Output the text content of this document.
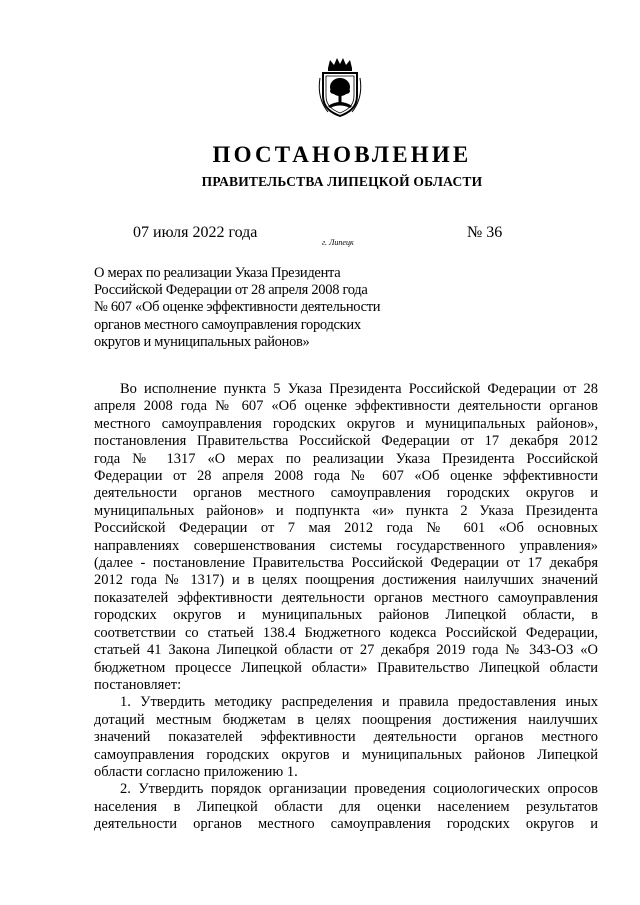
ПОСТАНОВЛЕНИЕ
ПРАВИТЕЛЬСТВА ЛИПЕЦКОЙ ОБЛАСТИ
07 июля 2022 года
г. Липецк
№ 36
О мерах по реализации Указа Президента
Российской Федерации от 28 апреля 2008 года
№ 607 «Об оценке эффективности деятельности
органов местного самоуправления городских
округов и муниципальных районов»

Во исполнение пункта 5 Указа Президента Российской Федерации от 28
апреля 2008 года № 607 «Об оценке эффективности деятельности органов
местного самоуправления городских округов и муниципальных районов»,
постановления Правительства Российской Федерации от 17 декабря 2012
года № 1317 «О мерах по реализации Указа Президента Российской
Федерации от 28 апреля 2008 года № 607 «Об оценке эффективности
деятельности органов местного самоуправления городских округов и
муниципальных районов» и подпункта «и» пункта 2 Указа Президента
Российской Федерации от 7 мая 2012 года № 601 «Об основных
направлениях совершенствования системы государственного управления»
(далее - постановление Правительства Российской Федерации от 17 декабря
2012 года № 1317) и в целях поощрения достижения наилучших значений
показателей эффективности деятельности органов местного самоуправления
городских округов и муниципальных районов Липецкой области, в
соответствии со статьей 138.4 Бюджетного кодекса Российской Федерации,
статьей 41 Закона Липецкой области от 27 декабря 2019 года № 343-ОЗ «О
бюджетном процессе Липецкой области» Правительство Липецкой области
постановляет:

1. Утвердить методику распределения и правила предоставления иных
дотаций местным бюджетам в целях поощрения достижения наилучших
значений показателей эффективности деятельности органов местного
самоуправления городских округов и муниципальных районов Липецкой
области согласно приложению 1.

2. Утвердить порядок организации проведения социологических опросов
населения в Липецкой области для оценки населением результатов
деятельности органов местного самоуправления городских округов и
